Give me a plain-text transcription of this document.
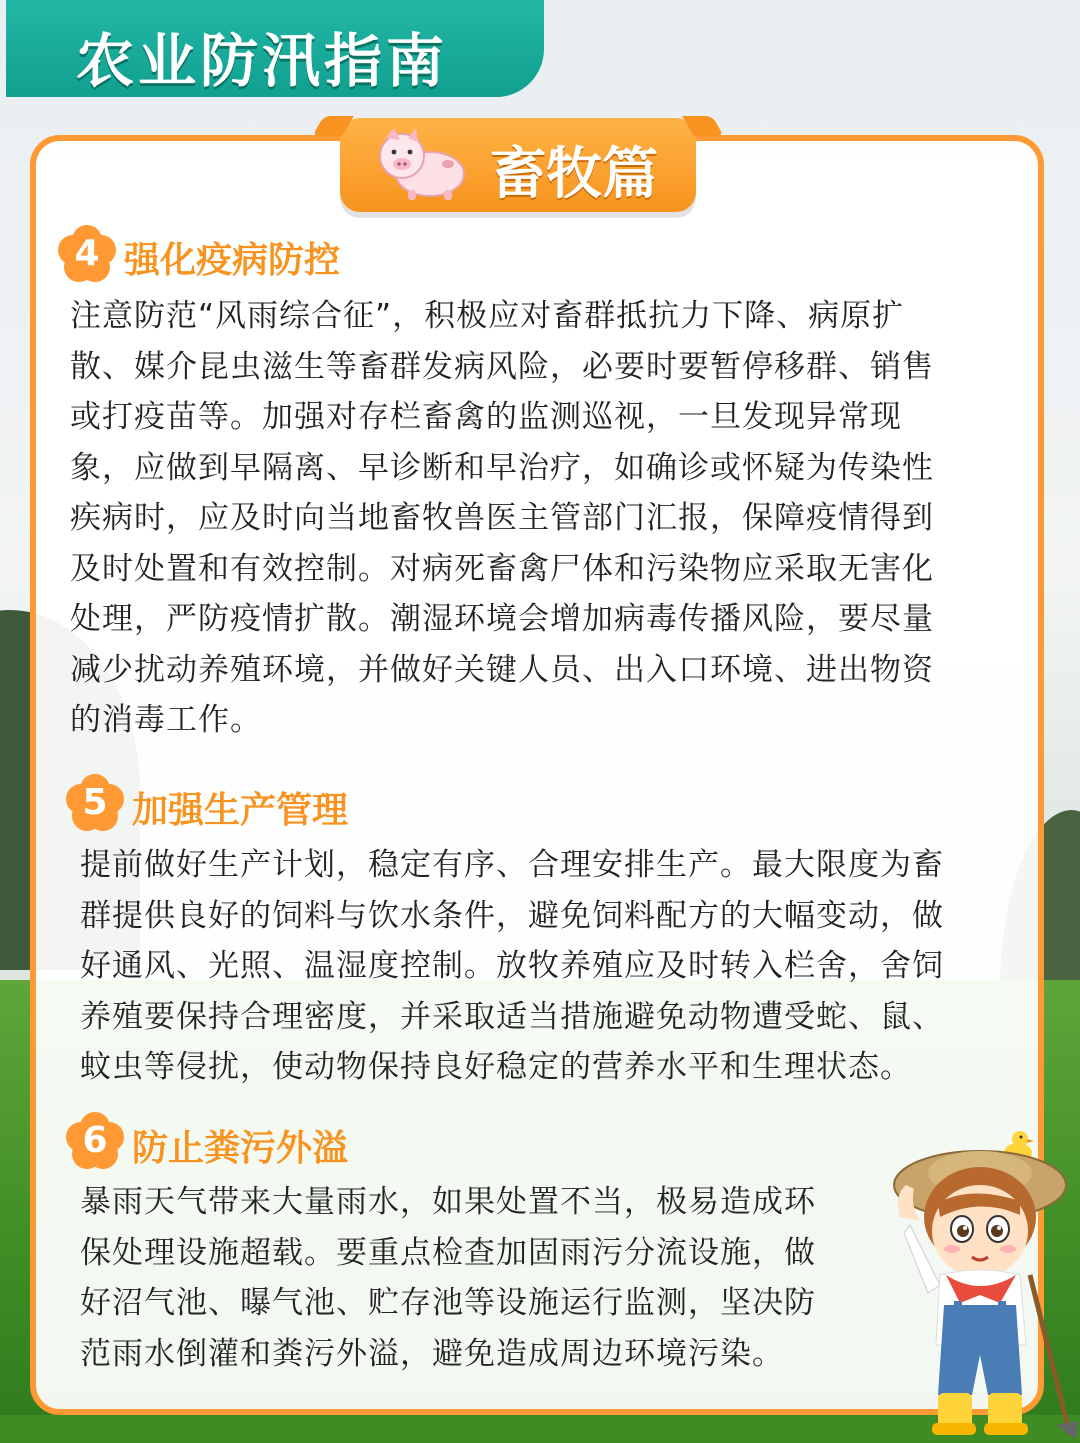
农业防汛指南
畜牧篇
4 强化疫病防控
注意防范“风雨综合征”，积极应对畜群抵抗力下降、病原扩
散、媒介昆虫滋生等畜群发病风险，必要时要暂停移群、销售
或打疫苗等。加强对存栏畜禽的监测巡视，一旦发现异常现
象，应做到早隔离、早诊断和早治疗，如确诊或怀疑为传染性
疾病时，应及时向当地畜牧兽医主管部门汇报，保障疫情得到
及时处置和有效控制。对病死畜禽尸体和污染物应采取无害化
处理，严防疫情扩散。潮湿环境会增加病毒传播风险，要尽量
减少扰动养殖环境，并做好关键人员、出入口环境、进出物资
的消毒工作。
5 加强生产管理
提前做好生产计划，稳定有序、合理安排生产。最大限度为畜
群提供良好的饲料与饮水条件，避免饲料配方的大幅变动，做
好通风、光照、温湿度控制。放牧养殖应及时转入栏舍，舍饲
养殖要保持合理密度，并采取适当措施避免动物遭受蛇、鼠、
蚊虫等侵扰，使动物保持良好稳定的营养水平和生理状态。
6 防止粪污外溢
暴雨天气带来大量雨水，如果处置不当，极易造成环
保处理设施超载。要重点检查加固雨污分流设施，做
好沼气池、曝气池、贮存池等设施运行监测，坚决防
范雨水倒灌和粪污外溢，避免造成周边环境污染。
